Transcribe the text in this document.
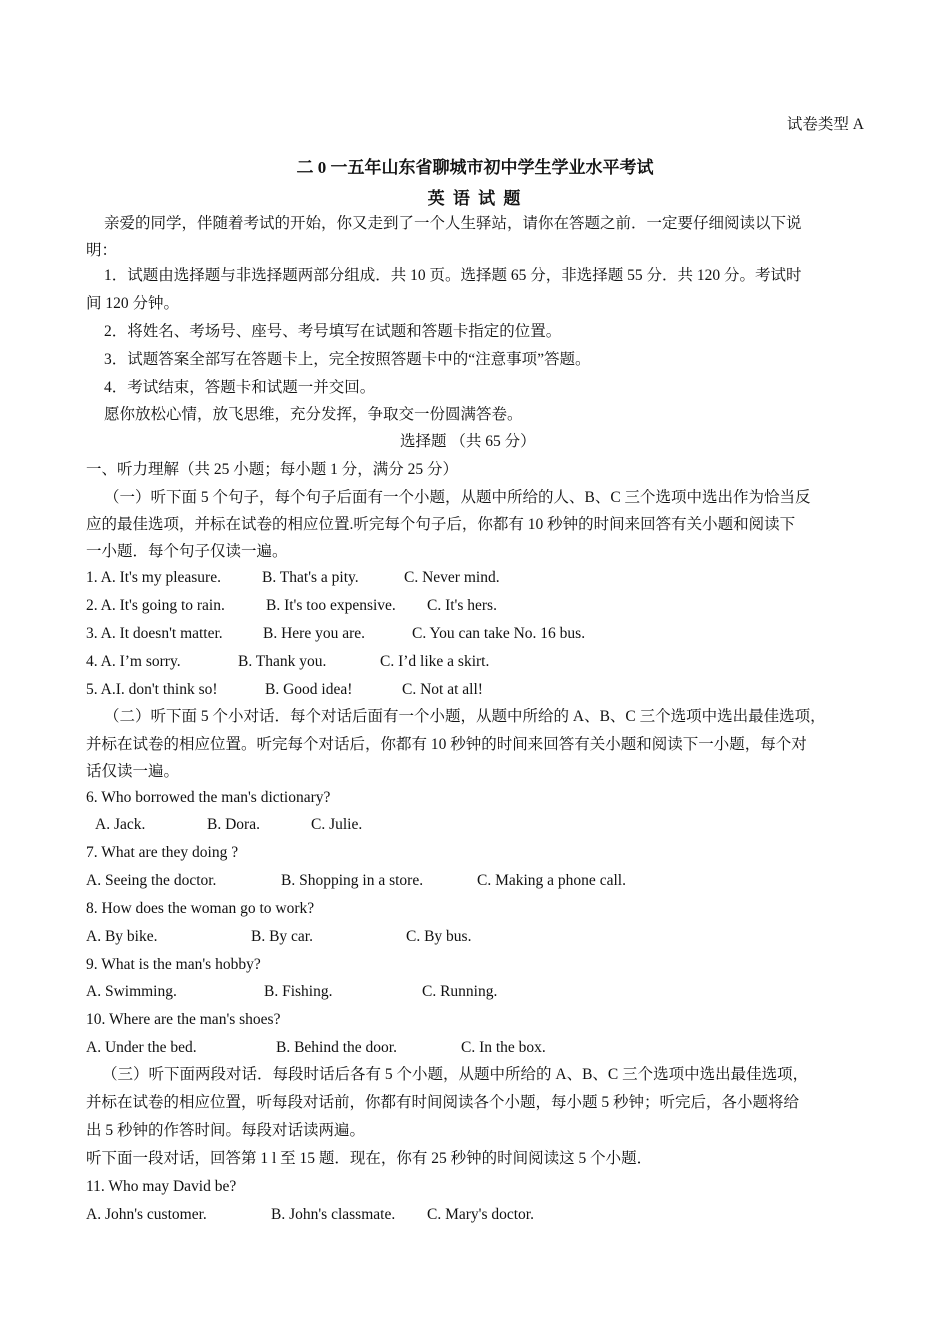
试卷类型 A
二 0 一五年山东省聊城市初中学生学业水平考试
英 语 试 题
亲爱的同学，伴随着考试的开始，你又走到了一个人生驿站，请你在答题之前．一定要仔细阅读以下说
明：
1．试题由选择题与非选择题两部分组成．共 10 页。选择题 65 分，非选择题 55 分．共 120 分。考试时
间 120 分钟。
2．将姓名、考场号、座号、考号填写在试题和答题卡指定的位置。
3．试题答案全部写在答题卡上，完全按照答题卡中的“注意事项”答题。
4．考试结束，答题卡和试题一并交回。
愿你放松心情，放飞思维，充分发挥，争取交一份圆满答卷。
选择题 （共 65 分）
一、听力理解（共 25 小题；每小题 1 分，满分 25 分）
（一）听下面 5 个句子，每个句子后面有一个小题，从题中所给的人、B、C 三个选项中选出作为恰当反
应的最佳选项，并标在试卷的相应位置.听完每个句子后，你都有 10 秒钟的时间来回答有关小题和阅读下
一小题．每个句子仅读一遍。
1. A. It's my pleasure.	B. That's a pity.	C. Never mind.
2. A. It's going to rain.	B. It's too expensive. C. It's hers.
3. A. It doesn't matter.	B. Here you are.	C. You can take No. 16 bus.
4. A. I’m sorry.	B. Thank you.	C. I’d like a skirt.
5. A.I. don't think so!	B. Good idea!	C. Not at all!
（二）听下面 5 个小对话．每个对话后面有一个小题，从题中所给的 A、B、C 三个选项中选出最佳选项，
并标在试卷的相应位置。听完每个对话后，你都有 10 秒钟的时间来回答有关小题和阅读下一小题，每个对
话仅读一遍。
6. Who borrowed the man's dictionary?
A. Jack.	B. Dora.	C. Julie.
7. What are they doing ?
A. Seeing the doctor.	B. Shopping in a store.	C. Making a phone call.
8. How does the woman go to work?
A. By bike.	B. By car.	C. By bus.
9. What is the man's hobby?
A. Swimming.	B. Fishing.	C. Running.
10. Where are the man's shoes?
A. Under the bed.	B. Behind the door.	C. In the box.
（三）听下面两段对话．每段时话后各有 5 个小题，从题中所给的 A、B、C 三个选项中选出最佳选项，
并标在试卷的相应位置，听每段对话前，你都有时间阅读各个小题，每小题 5 秒钟；听完后，各小题将给
出 5 秒钟的作答时间。每段对话读两遍。
听下面一段对话，回答第 1 l 至 15 题．现在，你有 25 秒钟的时间阅读这 5 个小题．
11. Who may David be?
A. John's customer.	B. John's classmate. C. Mary's doctor.
